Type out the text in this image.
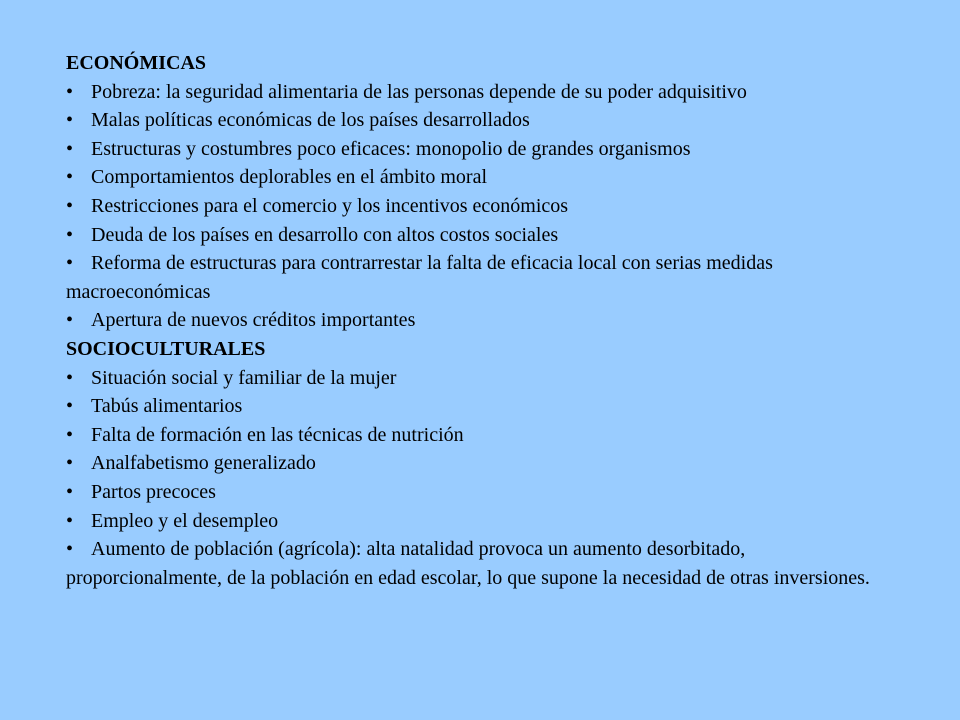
ECONÓMICAS
• Pobreza: la seguridad alimentaria de las personas depende de su poder adquisitivo
• Malas políticas económicas de los países desarrollados
• Estructuras y costumbres poco eficaces: monopolio de grandes organismos
• Comportamientos deplorables en el ámbito moral
• Restricciones para el comercio y los incentivos económicos
• Deuda de los países en desarrollo con altos costos sociales
• Reforma de estructuras para contrarrestar la falta de eficacia local con serias medidas macroeconómicas
• Apertura de nuevos créditos importantes
SOCIOCULTURALES
• Situación social y familiar de la mujer
• Tabús alimentarios
• Falta de formación en las técnicas de nutrición
• Analfabetismo generalizado
• Partos precoces
• Empleo y el desempleo
• Aumento de población (agrícola): alta natalidad provoca un aumento desorbitado, proporcionalmente, de la población en edad escolar, lo que supone la necesidad de otras inversiones.
